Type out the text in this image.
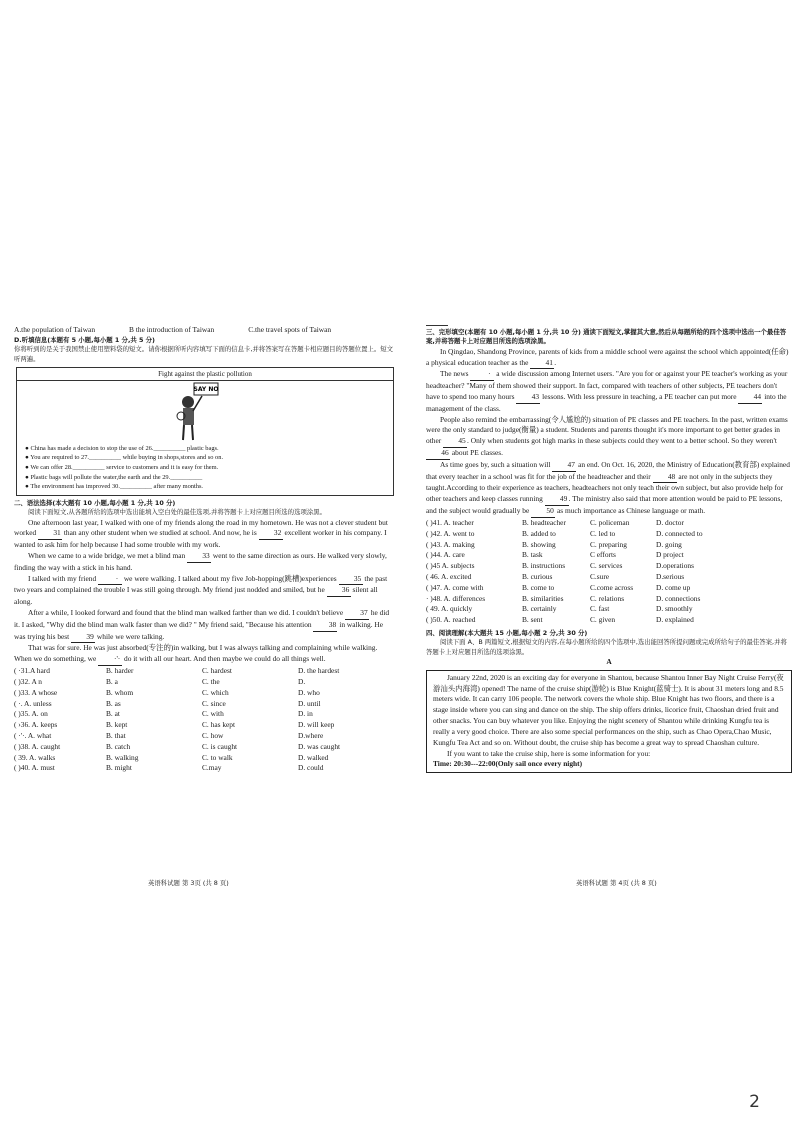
A.the population of Taiwan	B the introduction of Taiwan	C.the travel spots of Taiwan

D.听填信息(本题有 5 小题,每小题 1 分,共 5 分)

你将听到的是关于我国禁止使用塑料袋的短文。请你根据所听内容填写下面的信息卡,并将答案写在答题卡相应题目的答题位置上。短文听两遍。

Fight against the plastic pollution
SAY NO

● China has made a decision to stop the use of 26.__________ plastic bags.

● You are required to 27.__________ while buying in shops,stores and so on.

● We can offer 28.__________ service to customers and it is easy for them.

● Plastic bags will pollute the water,the earth and the 29.__________

● The environment has improved 30.__________ after many months.

二、语法选择(本大题有 10 小题,每小题 1 分,共 10 分)

阅读下面短文,从各题所给的选项中选出能填入空白处的最佳选项,并将答题卡上对应题目所选的选项涂黑。

One afternoon last year, I walked with one of my friends along the road in my hometown. He was not a clever student but worked 31 than any other student when we studied at school. And now, he is 32 excellent worker in his company. I wanted to ask him for help because I had some trouble with my work.

When we came to a wide bridge, we met a blind man 33 went to the same direction as ours. He walked very slowly, finding the way with a stick in his hand.

I talked with my friend · we were walking. I talked about my five Job-hopping(跳槽)experiences 35 the past two years and complained the trouble I was still going through. My friend just nodded and smiled, but he 36 silent all along.

After a while, I looked forward and found that the blind man walked farther than we did. I couldn't believe 37 he did it. I asked, "Why did the blind man walk faster than we did? " My friend said, "Because his attention 38 in walking. He was trying his best 39 while we were talking.

That was for sure. He was just absorbed(专注的)in walking, but I was always talking and complaining while walking. When we do something, we ·'· do it with all our heart. And then maybe we could do all things well.

( ·31.A hard	B. harder	C. hardest	D. the hardest
( )32. A n	B. a	C. the	D.
( )33. A whose	B. whom	C. which	D. who
( ·. A. unless	B. as	C. since	D. until
( )35. A. on	B. at	C. with	D. in
( ›36. A. keeps	B. kept	C. has kept	D. will keep
( ·'·. A. what	B. that	C. how	D.where
( )38. A. caught	B. catch	C. is caught	D. was caught
( 39. A. walks	B. walking	C. to walk	D. walked
( )40. A. must	B. might	C.may	D. could
英语科试题 第 3页 (共 8 页)

三、完形填空(本题有 10 小题,每小题 1 分,共 10 分) 通读下面短文,掌握其大意,然后从每题所给的四个选项中选出一个最佳答案,并将答题卡上对应题目所选的选项涂黑。

In Qingdao, Shandong Province, parents of kids from a middle school were against the school which appointed(任命) a physical education teacher as the 41.

The news · a wide discussion among Internet users. "Are you for or against your PE teacher's working as your headteacher? "Many of them showed their support. In fact, compared with teachers of other subjects, PE teachers don't have to spend too many hours 43 lessons. With less pressure in teaching, a PE teacher can put more 44 into the management of the class.

People also remind the embarrassing(令人尴尬的) situation of PE classes and PE teachers. In the past, written exams were the only standard to judge(衡量) a student. Students and parents thought it's more important to get better grades in other 45. Only when students got high marks in these subjects could they went to a better school. So they weren't 46 about PE classes.

As time goes by, such a situation will 47 an end. On Oct. 16, 2020, the Ministry of Education(教育部) explained that every teacher in a school was fit for the job of the headteacher and their 48 are not only in the subjects they taught.According to their experience as teachers, headteachers not only teach their own subject, but also provide help for other teachers and keep classes running 49. The ministry also said that more attention would be paid to PE lessons, and the subject would gradually be 50 as much importance as Chinese language or math.

( )41. A. teacher	B. headteacher	C. policeman	D. doctor
( )42. A. went to	B. added to	C. led to	D. connected to
( )43. A. making	B. showing	C. preparing	D. going
( )44. A. care	B. task	C efforts	D project
( )45 A. subjects	B. instructions	C. services	D.operations
( 46. A. excited	B. curious	C.sure	D.serious
( )47. A. come with	B. come to	C.come across	D. come up
· )48. A. differences	B. similarities	C. relations	D. connections
( 49. A. quickly	B. certainly	C. fast	D. smoothly
( )50. A. reached	B. sent	C. given	D. explained

四、阅读理解(本大题共 15 小题,每小题 2 分,共 30 分)

阅读下面 A、B 两篇短文,根据短文的内容,在每小题所给的四个选项中,选出能回答所提问题或完成所给句子的最佳答案,并将答题卡上对应题目所选的选项涂黑。

A

January 22nd, 2020 is an exciting day for everyone in Shantou, because Shantou Inner Bay Night Cruise Ferry(夜游汕头内海湾) opened! The name of the cruise ship(游轮) is Blue Knight(蓝骑士). It is about 31 meters long and 8.5 meters wide. It can carry 106 people. The network covers the whole ship. Blue Knight has two floors, and there is a stage inside where you can sing and dance on the ship. The ship offers drinks, licorice fruit, Chaoshan dried fruit and other snacks. You can buy whatever you like. Enjoying the night scenery of Shantou while drinking Kungfu tea is really a very good choice. There are also some special performances on the ship, such as Chao Opera,Chao Music, Kungfu Tea Act and so on. Without doubt, the cruise ship has become a great way to spread Chaoshan culture.

If you want to take the cruise ship, here is some information for you:

Time: 20:30---22:00(Only sail once every night)

英语科试题 第 4页 (共 8 页)
2
